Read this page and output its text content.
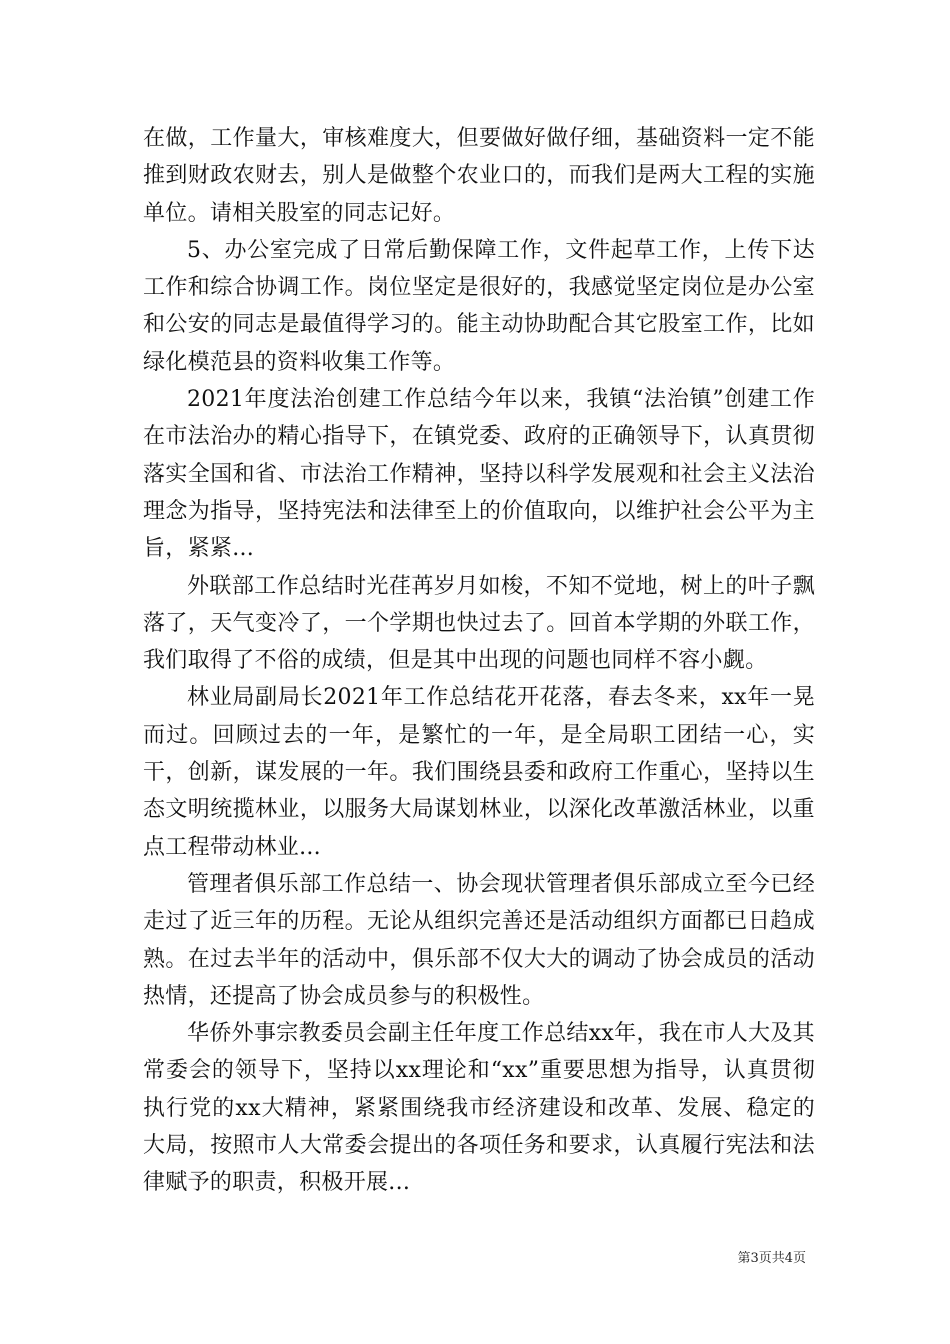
在做，工作量大，审核难度大，但要做好做仔细，基础资料一定不能推到财政农财去，别人是做整个农业口的，而我们是两大工程的实施单位。请相关股室的同志记好。

5、办公室完成了日常后勤保障工作，文件起草工作，上传下达工作和综合协调工作。岗位坚定是很好的，我感觉坚定岗位是办公室和公安的同志是最值得学习的。能主动协助配合其它股室工作，比如绿化模范县的资料收集工作等。

2021年度法治创建工作总结今年以来，我镇“法治镇”创建工作在市法治办的精心指导下，在镇党委、政府的正确领导下，认真贯彻落实全国和省、市法治工作精神，坚持以科学发展观和社会主义法治理念为指导，坚持宪法和法律至上的价值取向，以维护社会公平为主旨，紧紧...

外联部工作总结时光荏苒岁月如梭，不知不觉地，树上的叶子飘落了，天气变冷了，一个学期也快过去了。回首本学期的外联工作，我们取得了不俗的成绩，但是其中出现的问题也同样不容小觑。

林业局副局长2021年工作总结花开花落，春去冬来，xx年一晃而过。回顾过去的一年，是繁忙的一年，是全局职工团结一心，实干，创新，谋发展的一年。我们围绕县委和政府工作重心，坚持以生态文明统揽林业，以服务大局谋划林业，以深化改革激活林业，以重点工程带动林业...

管理者俱乐部工作总结一、协会现状管理者俱乐部成立至今已经走过了近三年的历程。无论从组织完善还是活动组织方面都已日趋成熟。在过去半年的活动中，俱乐部不仅大大的调动了协会成员的活动热情，还提高了协会成员参与的积极性。

华侨外事宗教委员会副主任年度工作总结xx年，我在市人大及其常委会的领导下，坚持以xx理论和“xx”重要思想为指导，认真贯彻执行党的xx大精神，紧紧围绕我市经济建设和改革、发展、稳定的大局，按照市人大常委会提出的各项任务和要求，认真履行宪法和法律赋予的职责，积极开展...

第3页共4页
